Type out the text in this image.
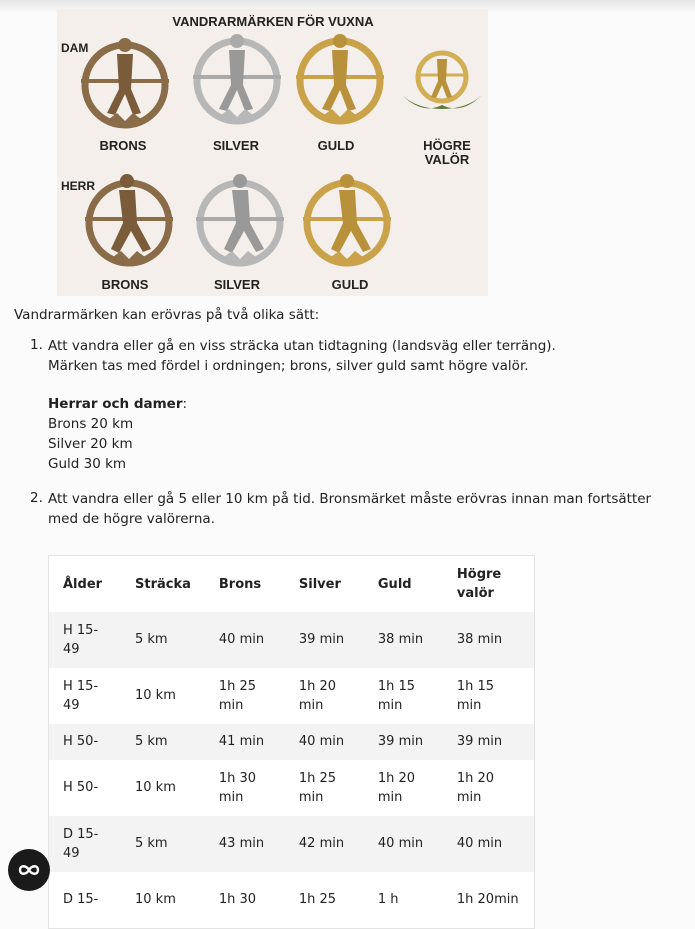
VANDRARMÄRKEN FÖR VUXNA
DAM
HERR
BRONS	SILVER	GULD	HÖGRE
VALÖR
BRONS	SILVER	GULD
Vandrarmärken kan erövras på två olika sätt:
1. Att vandra eller gå en viss sträcka utan tidtagning (landsväg eller terräng).
Märken tas med fördel i ordningen; brons, silver guld samt högre valör.
Herrar och damer:
Brons 20 km
Silver 20 km
Guld 30 km
2. Att vandra eller gå 5 eller 10 km på tid. Bronsmärket måste erövras innan man fortsätter
med de högre valörerna.
Ålder	Sträcka	Brons	Silver	Guld	Högre valör
H 15-49	5 km	40 min	39 min	38 min	38 min
H 15-49	10 km	1h 25 min	1h 20 min	1h 15 min	1h 15 min
H 50-	5 km	41 min	40 min	39 min	39 min
H 50-	10 km	1h 30 min	1h 25 min	1h 20 min	1h 20 min
D 15-49	5 km	43 min	42 min	40 min	40 min
D 15-	10 km	1h 30	1h 25	1 h	1h 20min
